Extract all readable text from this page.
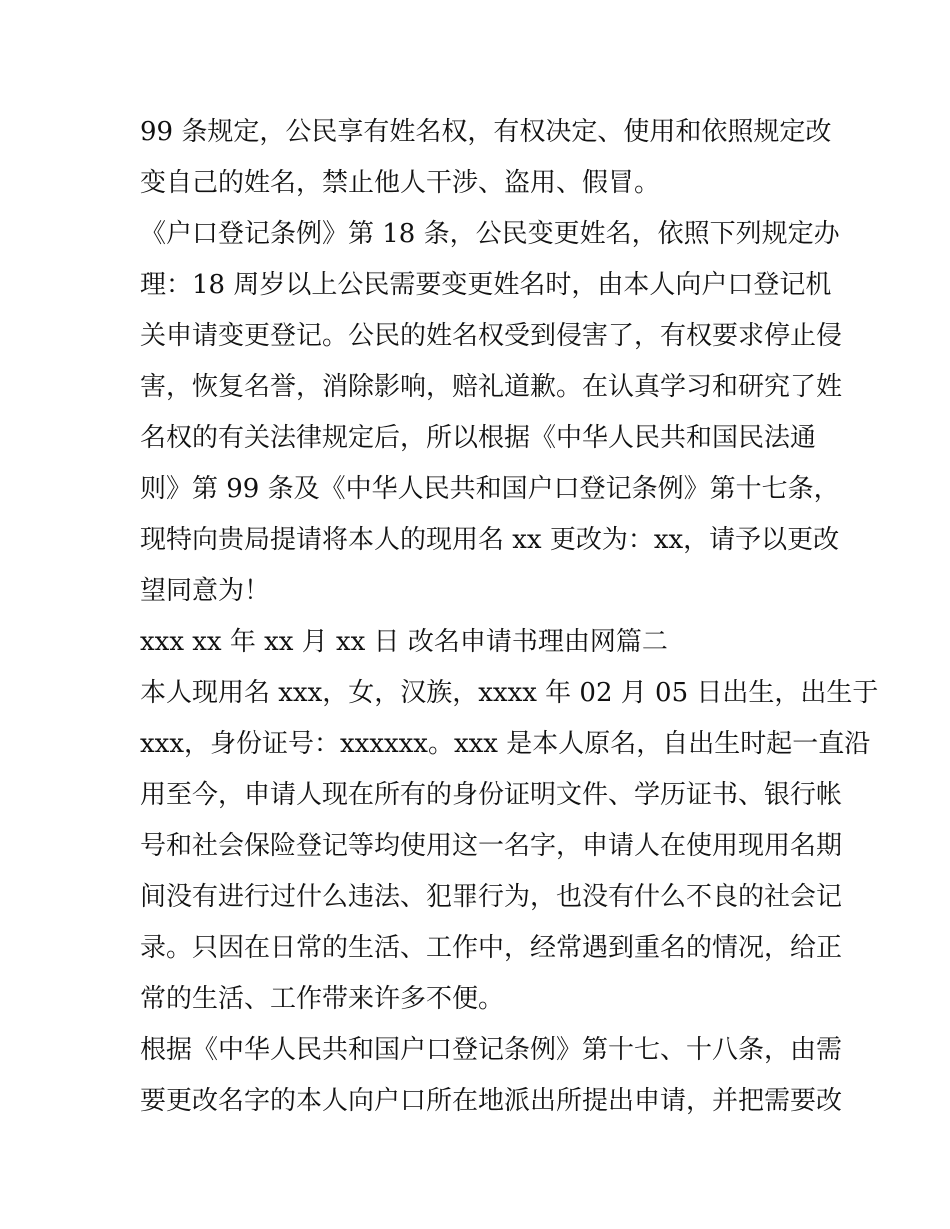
99 条规定，公民享有姓名权，有权决定、使用和依照规定改
变自己的姓名，禁止他人干涉、盗用、假冒。
《户口登记条例》第 18 条，公民变更姓名，依照下列规定办
理：18 周岁以上公民需要变更姓名时，由本人向户口登记机
关申请变更登记。公民的姓名权受到侵害了，有权要求停止侵
害，恢复名誉，消除影响，赔礼道歉。在认真学习和研究了姓
名权的有关法律规定后，所以根据《中华人民共和国民法通
则》第 99 条及《中华人民共和国户口登记条例》第十七条，
现特向贵局提请将本人的现用名 xx 更改为：xx，请予以更改
望同意为！
xxx xx 年 xx 月 xx 日 改名申请书理由网篇二
本人现用名 xxx，女，汉族，xxxx 年 02 月 05 日出生，出生于
xxx，身份证号：xxxxxx。xxx 是本人原名，自出生时起一直沿
用至今，申请人现在所有的身份证明文件、学历证书、银行帐
号和社会保险登记等均使用这一名字，申请人在使用现用名期
间没有进行过什么违法、犯罪行为，也没有什么不良的社会记
录。只因在日常的生活、工作中，经常遇到重名的情况，给正
常的生活、工作带来许多不便。
根据《中华人民共和国户口登记条例》第十七、十八条，由需
要更改名字的本人向户口所在地派出所提出申请，并把需要改
